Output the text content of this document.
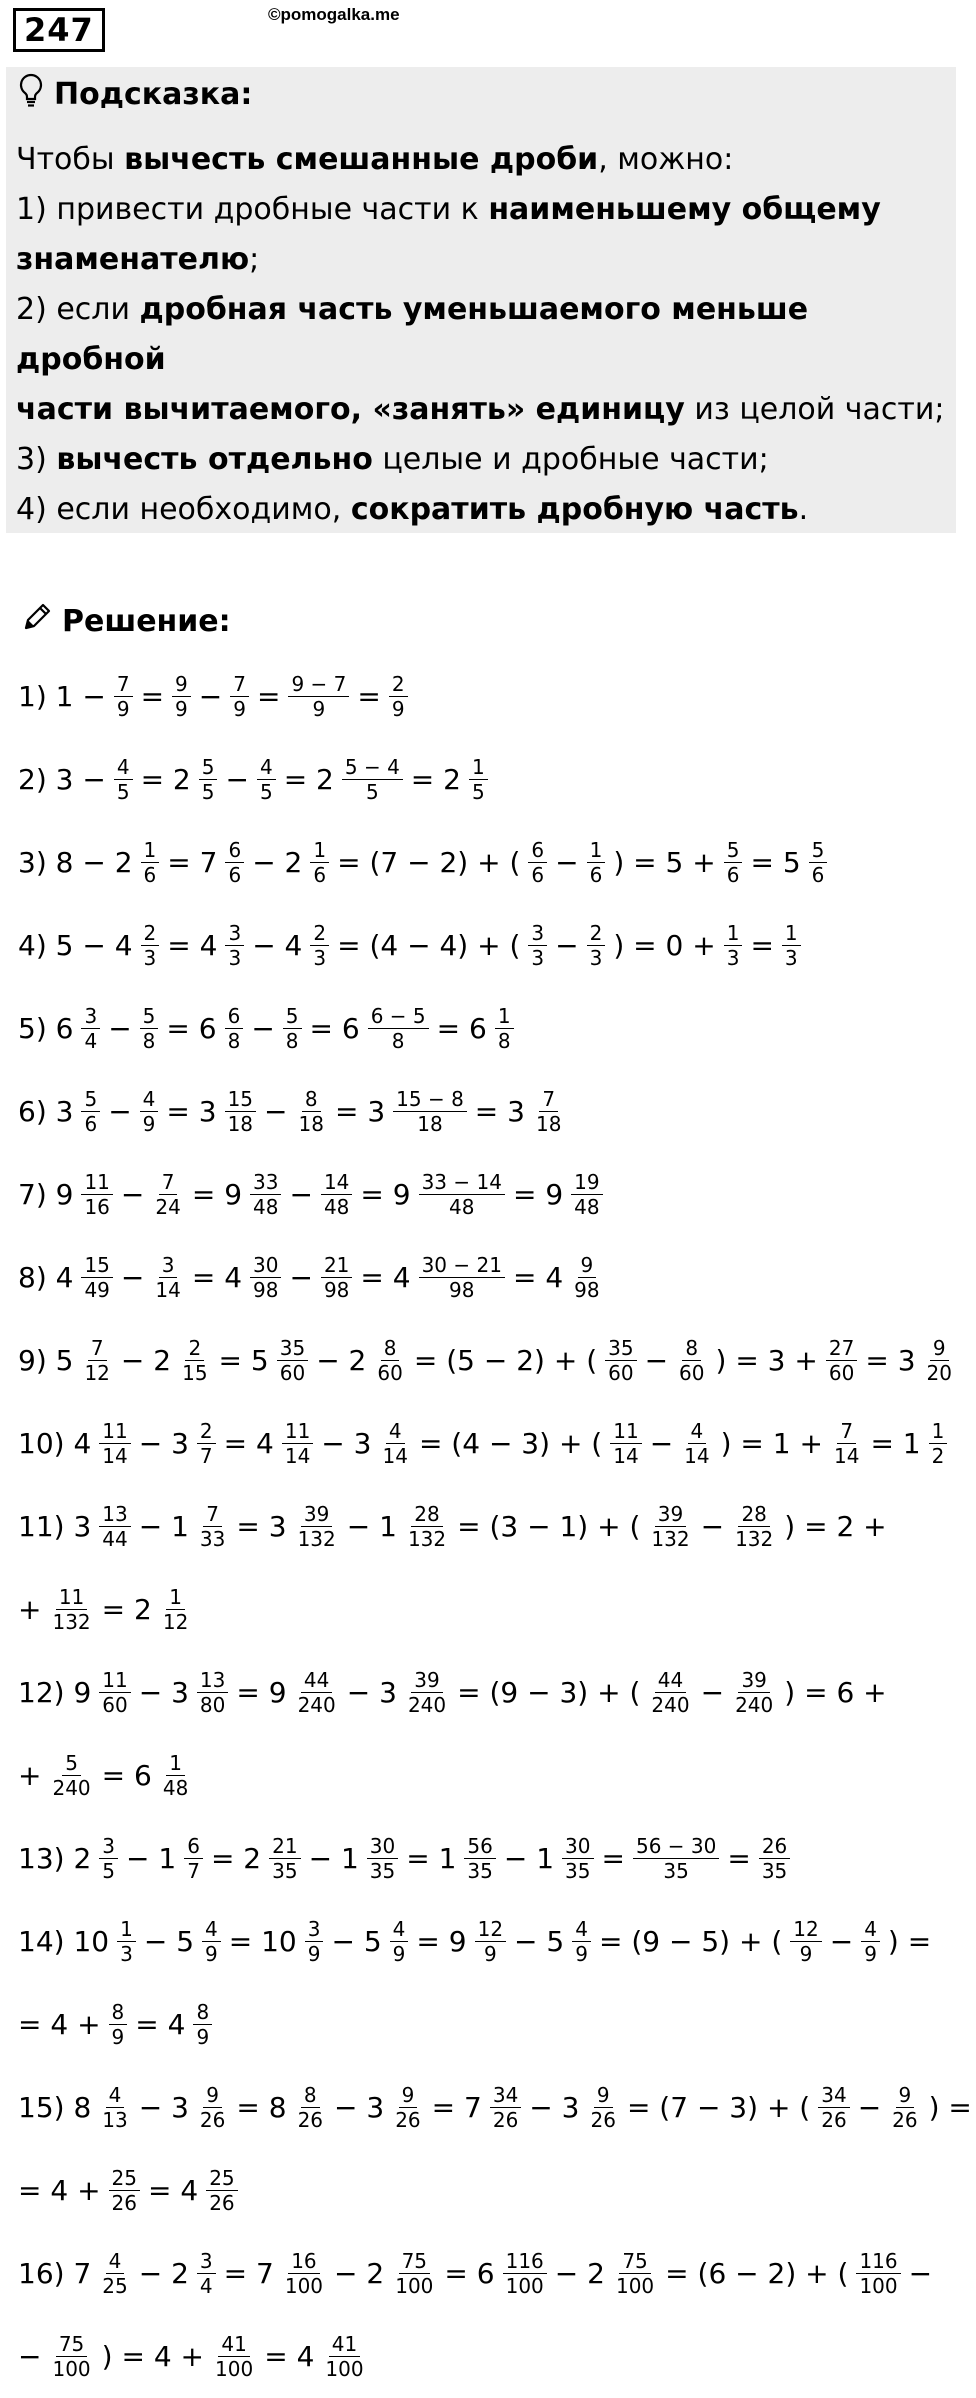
247	©pomogalka.me
Подсказка:

Чтобы вычесть смешанные дроби, можно:

1) привести дробные части к наименьшему общему

знаменателю;

2) если дробная часть уменьшаемого меньше дробной

части вычитаемого, «занять» единицу из целой части;

3) вычесть отдельно целые и дробные части;

4) если необходимо, сократить дробную часть.

Решение:
1) $1 - \frac{7}{9} = \frac{9}{9} - \frac{7}{9} = \frac{9 - 7}{9} = \frac{2}{9}$
2) $3 - \frac{4}{5} = 2 \frac{5}{5} - \frac{4}{5} = 2 \frac{5 - 4}{5} = 2 \frac{1}{5}$
3) $8 - 2 \frac{1}{6} = 7 \frac{6}{6} - 2 \frac{1}{6} = (7 - 2)$ + ( $\frac{6}{6} - \frac{1}{6}$ ) = $5 + \frac{5}{6} = 5 \frac{5}{6}$
4) $5 - 4 \frac{2}{3} = 4 \frac{3}{3} - 4 \frac{2}{3} = (4 - 4)$ + ( $\frac{3}{3} - \frac{2}{3}$ ) = $0 + \frac{1}{3} = \frac{1}{3}$
5) $6 \frac{3}{4} - \frac{5}{8} = 6 \frac{6}{8} - \frac{5}{8} = 6 \frac{6 - 5}{8} = 6 \frac{1}{8}$
6) $3 \frac{5}{6} - \frac{4}{9} = 3 \frac{15}{18} - \frac{8}{18} = 3 \frac{15 - 8}{18} = 3 \frac{7}{18}$
7) $9 \frac{11}{16} - \frac{7}{24} = 9 \frac{33}{48} - \frac{14}{48} = 9 \frac{33 - 14}{48} = 9 \frac{19}{48}$
8) $4 \frac{15}{49} - \frac{3}{14} = 4 \frac{30}{98} - \frac{21}{98} = 4 \frac{30 - 21}{98} = 4 \frac{9}{98}$
9) $5 \frac{7}{12} - 2 \frac{2}{15} = 5 \frac{35}{60} - 2 \frac{8}{60} = (5 - 2)$ + ( $\frac{35}{60} - \frac{8}{60}$ ) = $3 + \frac{27}{60} = 3 \frac{9}{20}$
10) $4 \frac{11}{14} - 3 \frac{2}{7} = 4 \frac{11}{14} - 3 \frac{4}{14} = (4 - 3)$ + ( $\frac{11}{14} - \frac{4}{14}$ ) = $1 + \frac{7}{14} = 1 \frac{1}{2}$
11) $3 \frac{13}{44} - 1 \frac{7}{33} = 3 \frac{39}{132} - 1 \frac{28}{132} = (3 - 1)$ + ( $\frac{39}{132} - \frac{28}{132}$ ) = 2 +
+ $\frac{11}{132} = 2 \frac{1}{12}$
12) $9 \frac{11}{60} - 3 \frac{13}{80} = 9 \frac{44}{240} - 3 \frac{39}{240} = (9 - 3)$ + ( $\frac{44}{240} - \frac{39}{240}$ ) = 6 +
+ $\frac{5}{240} = 6 \frac{1}{48}$
13) $2 \frac{3}{5} - 1 \frac{6}{7} = 2 \frac{21}{35} - 1 \frac{30}{35} = 1 \frac{56}{35} - 1 \frac{30}{35} = \frac{56 - 30}{35} = \frac{26}{35}$
14) $10 \frac{1}{3} - 5 \frac{4}{9} = 10 \frac{3}{9} - 5 \frac{4}{9} = 9 \frac{12}{9} - 5 \frac{4}{9} = (9 - 5)$ + ( $\frac{12}{9} - \frac{4}{9}$ ) =
= $4 + \frac{8}{9} = 4 \frac{8}{9}$
15) $8 \frac{4}{13} - 3 \frac{9}{26} = 8 \frac{8}{26} - 3 \frac{9}{26} = 7 \frac{34}{26} - 3 \frac{9}{26} = (7 - 3)$ + ( $\frac{34}{26} - \frac{9}{26}$ ) =
= $4 + \frac{25}{26} = 4 \frac{25}{26}$
16) $7 \frac{4}{25} - 2 \frac{3}{4} = 7 \frac{16}{100} - 2 \frac{75}{100} = 6 \frac{116}{100} - 2 \frac{75}{100} = (6 - 2)$ + ( $\frac{116}{100}$ −
− $\frac{75}{100}$ ) = $4 + \frac{41}{100} = 4 \frac{41}{100}$
